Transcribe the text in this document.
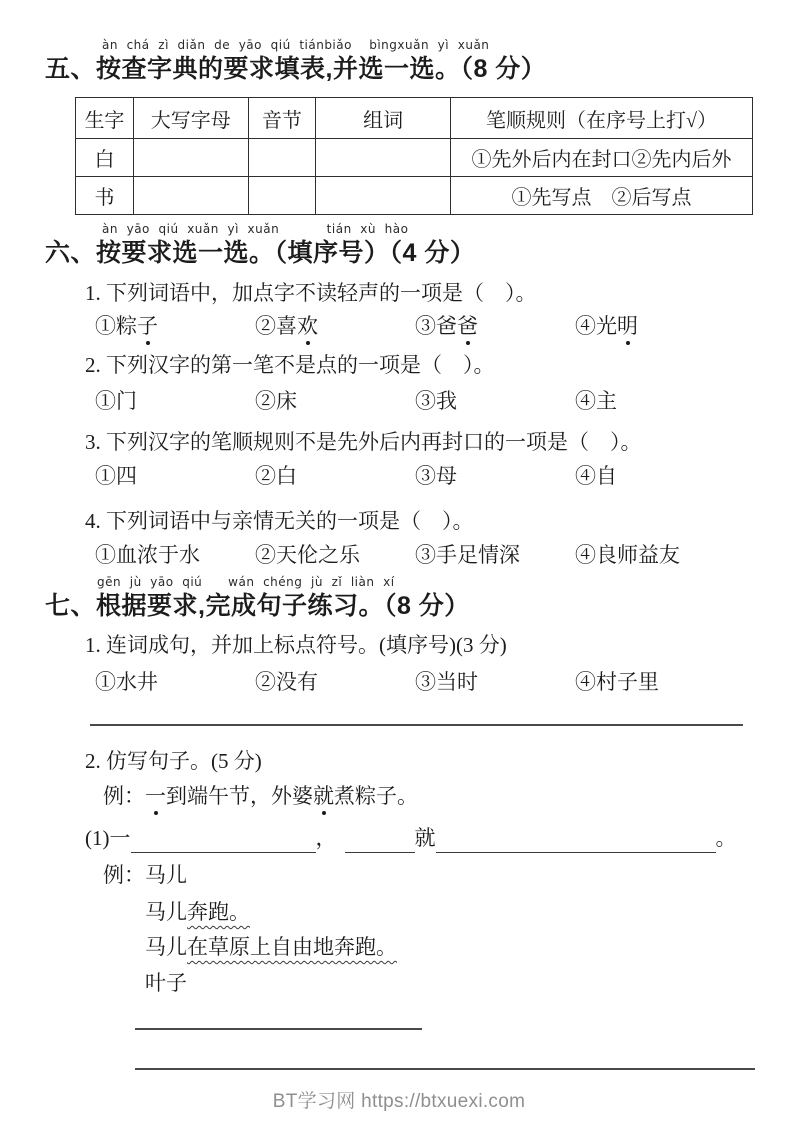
àn  chá  zì  diǎn  de  yāo  qiú  tiánbiǎo    bìngxuǎn  yì  xuǎn
五、按查字典的要求填表,并选一选。（8 分）
生字	大写字母	音节	组词	笔顺规则（在序号上打√）
白				①先外后内在封口②先内后外
书				①先写点　②后写点
àn  yāo  qiú  xuǎn  yì  xuǎn           tián  xù  hào
六、按要求选一选。（填序号）（4 分）
1. 下列词语中，加点字不读轻声的一项是（　）。
①粽子	②喜欢	③爸爸	④光明
2. 下列汉字的第一笔不是点的一项是（　）。
①门	②床	③我	④主
3. 下列汉字的笔顺规则不是先外后内再封口的一项是（　）。
①四	②白	③母	④自
4. 下列词语中与亲情无关的一项是（　）。
①血浓于水	②天伦之乐	③手足情深	④良师益友
gēn  jù  yāo  qiú      wán  chéng  jù  zǐ  liàn  xí
七、根据要求,完成句子练习。（8 分）
1. 连词成句，并加上标点符号。(填序号)(3 分)
①水井	②没有	③当时	④村子里
2. 仿写句子。(5 分)
例：一到端午节，外婆就煮粽子。
(1)一	，	就	。
例：马儿
马儿奔跑。
马儿在草原上自由地奔跑。
叶子
BT学习网 https://btxuexi.com
